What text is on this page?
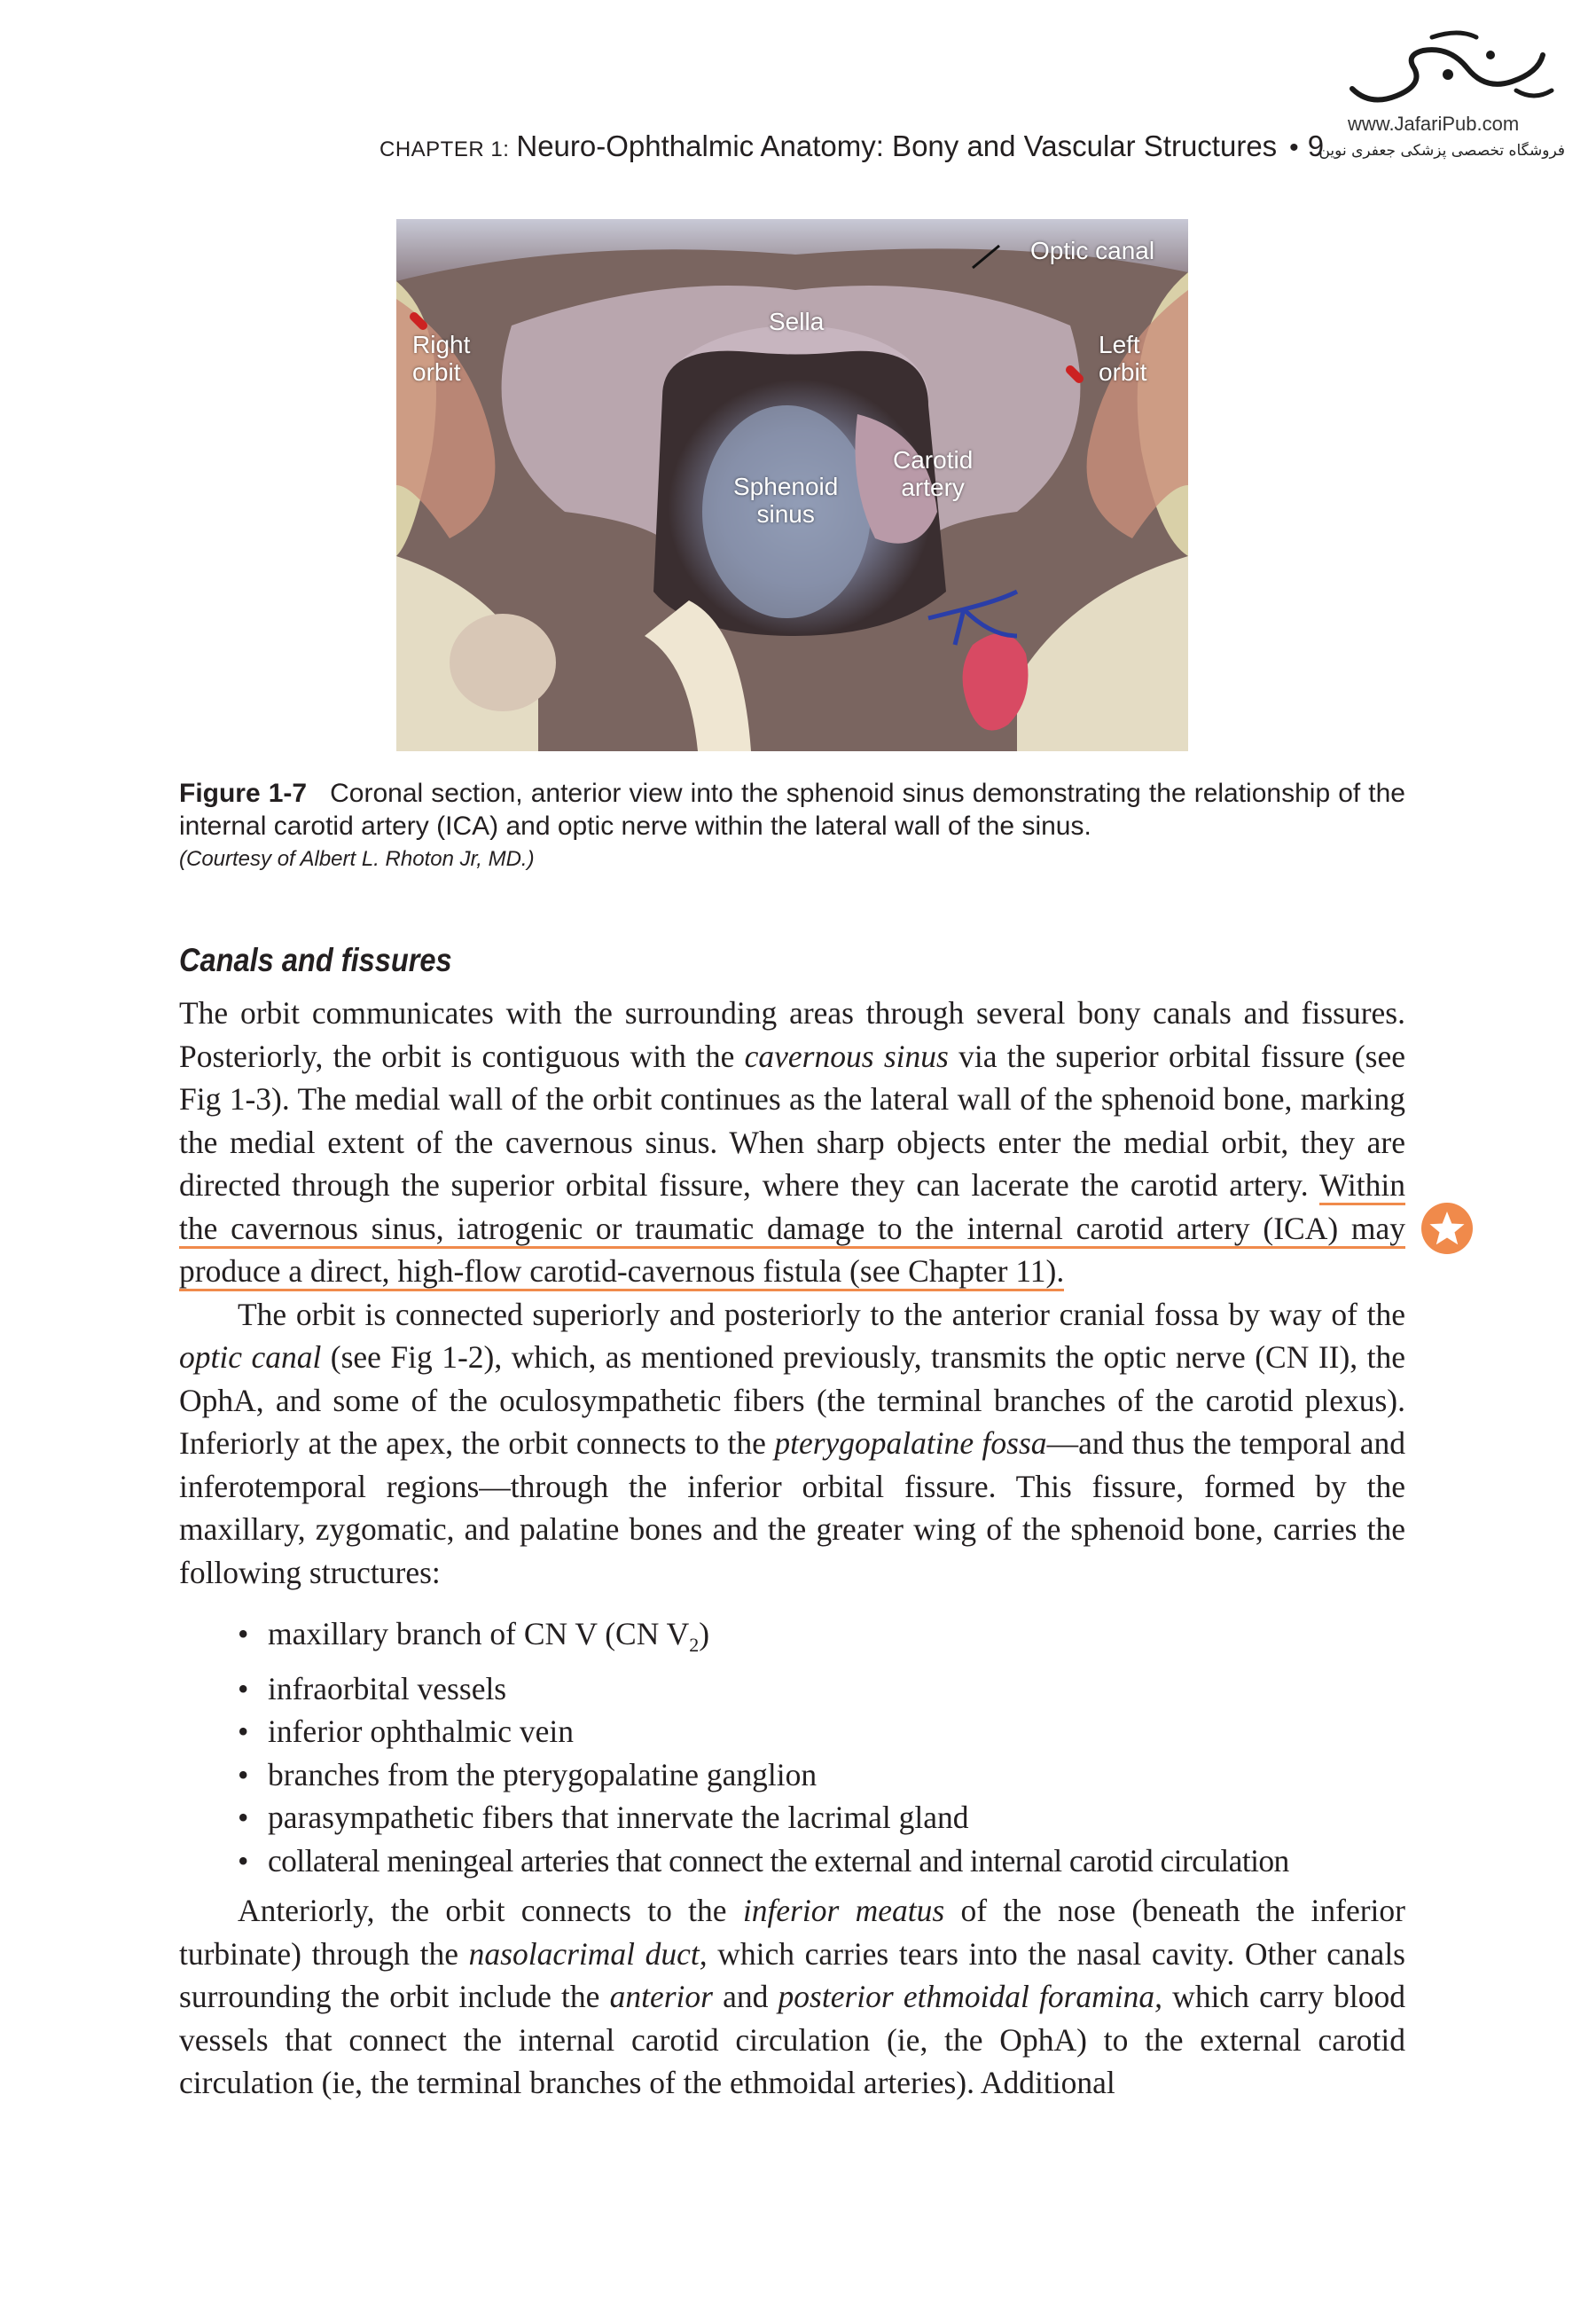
www.JafariPub.com
فروشگاه تخصصی پزشکی جعفری نوین
CHAPTER 1: Neuro-Ophthalmic Anatomy: Bony and Vascular Structures • 9
Optic canal
Sella
Right
orbit
Left
orbit
Sphenoid
sinus
Carotid
artery
Figure 1-7 Coronal section, anterior view into the sphenoid sinus demonstrating the relationship of the internal carotid artery (ICA) and optic nerve within the lateral wall of the sinus.
(Courtesy of Albert L. Rhoton Jr, MD.)
Canals and fissures

The orbit communicates with the surrounding areas through several bony canals and fissures. Posteriorly, the orbit is contiguous with the cavernous sinus via the superior orbital fissure (see Fig 1-3). The medial wall of the orbit continues as the lateral wall of the sphenoid bone, marking the medial extent of the cavernous sinus. When sharp objects enter the medial orbit, they are directed through the superior orbital fissure, where they can lacerate the carotid artery. Within the cavernous sinus, iatrogenic or traumatic damage to the internal carotid artery (ICA) may produce a direct, high-flow carotid-cavernous fistula (see Chapter 11).

The orbit is connected superiorly and posteriorly to the anterior cranial fossa by way of the optic canal (see Fig 1-2), which, as mentioned previously, transmits the optic nerve (CN II), the OphA, and some of the oculosympathetic fibers (the terminal branches of the carotid plexus). Inferiorly at the apex, the orbit connects to the pterygopalatine fossa—and thus the temporal and inferotemporal regions—through the inferior orbital fissure. This fissure, formed by the maxillary, zygomatic, and palatine bones and the greater wing of the sphenoid bone, carries the following structures:

• maxillary branch of CN V (CN $V_2$)
• infraorbital vessels
• inferior ophthalmic vein
• branches from the pterygopalatine ganglion
• parasympathetic fibers that innervate the lacrimal gland
• collateral meningeal arteries that connect the external and internal carotid circulation

Anteriorly, the orbit connects to the inferior meatus of the nose (beneath the inferior turbinate) through the nasolacrimal duct, which carries tears into the nasal cavity. Other canals surrounding the orbit include the anterior and posterior ethmoidal foramina, which carry blood vessels that connect the internal carotid circulation (ie, the OphA) to the external carotid circulation (ie, the terminal branches of the ethmoidal arteries). Additional
